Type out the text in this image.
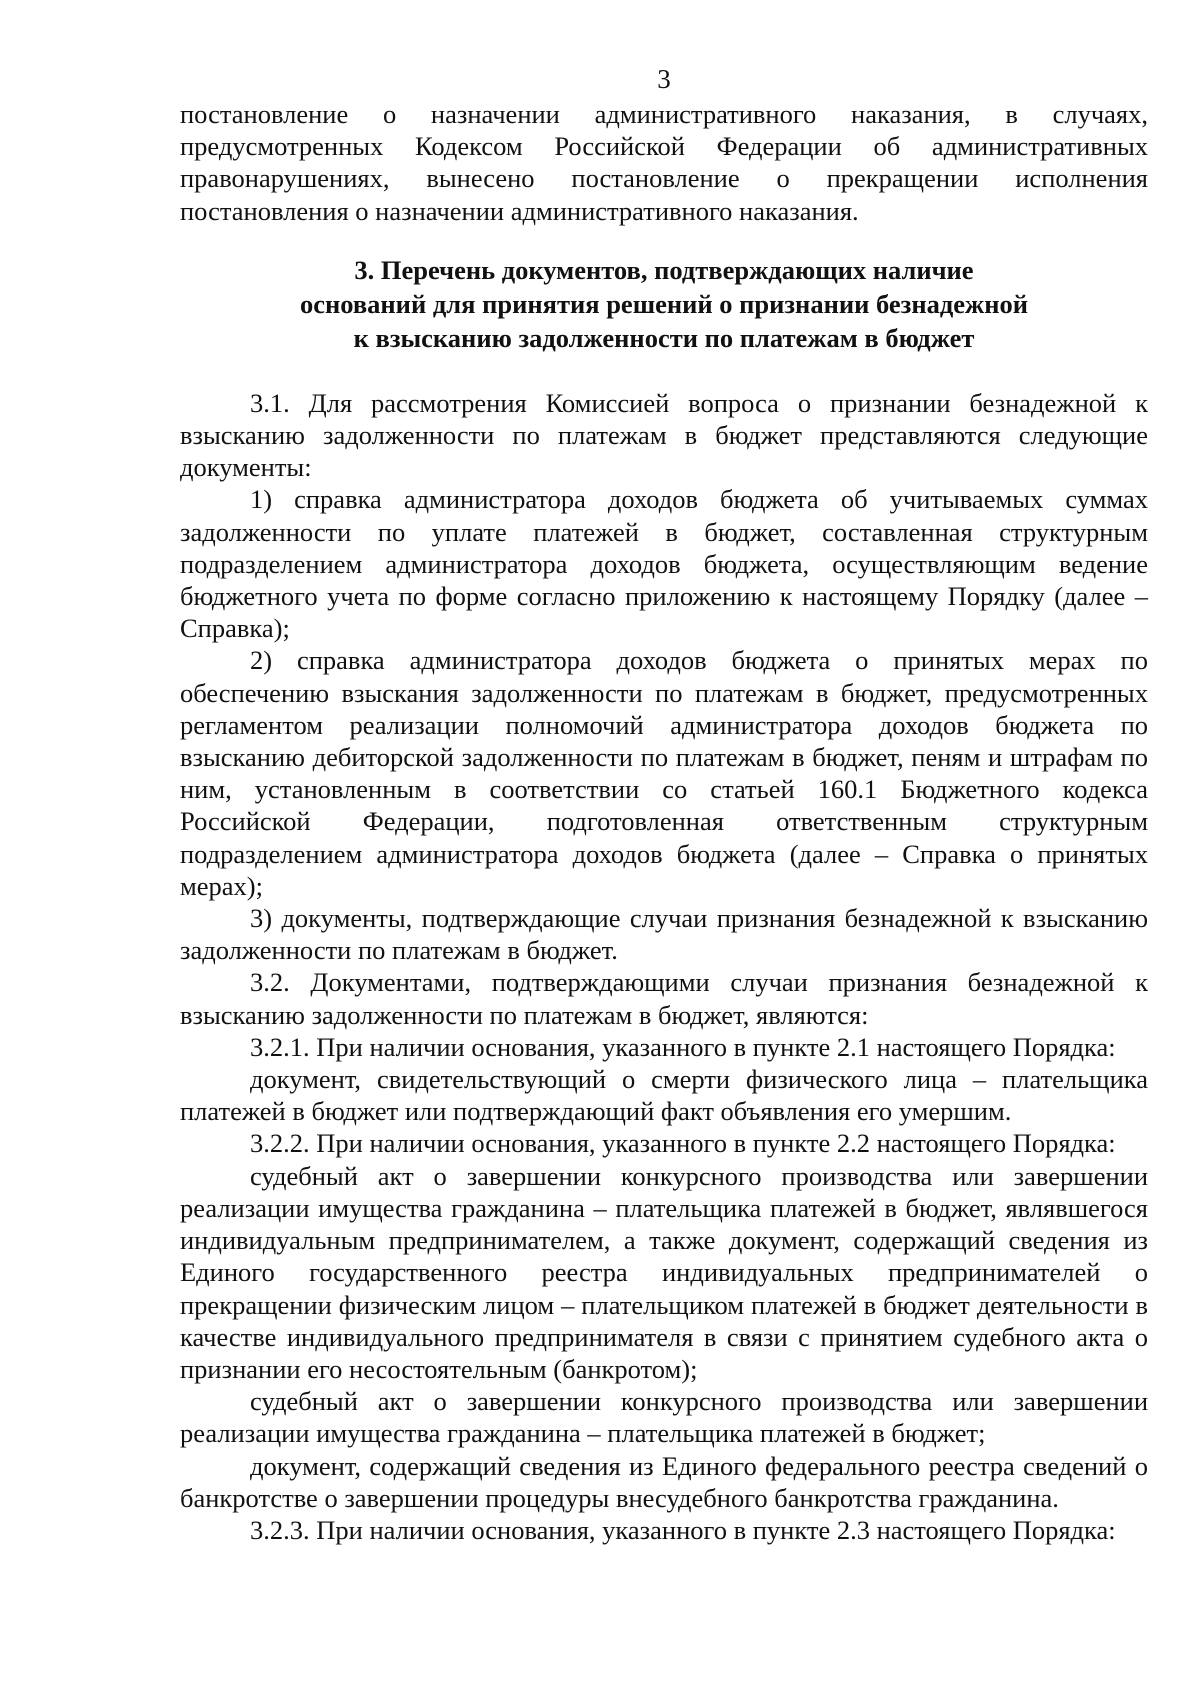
3

постановление о назначении административного наказания, в случаях, предусмотренных Кодексом Российской Федерации об административных правонарушениях, вынесено постановление о прекращении исполнения постановления о назначении административного наказания.

3. Перечень документов, подтверждающих наличие
оснований для принятия решений о признании безнадежной
к взысканию задолженности по платежам в бюджет

3.1. Для рассмотрения Комиссией вопроса о признании безнадежной к взысканию задолженности по платежам в бюджет представляются следующие документы:

1) справка администратора доходов бюджета об учитываемых суммах задолженности по уплате платежей в бюджет, составленная структурным подразделением администратора доходов бюджета, осуществляющим ведение бюджетного учета по форме согласно приложению к настоящему Порядку (далее – Справка);

2) справка администратора доходов бюджета о принятых мерах по обеспечению взыскания задолженности по платежам в бюджет, предусмотренных регламентом реализации полномочий администратора доходов бюджета по взысканию дебиторской задолженности по платежам в бюджет, пеням и штрафам по ним, установленным в соответствии со статьей 160.1 Бюджетного кодекса Российской Федерации, подготовленная ответственным структурным подразделением администратора доходов бюджета (далее – Справка о принятых мерах);

3) документы, подтверждающие случаи признания безнадежной к взысканию задолженности по платежам в бюджет.

3.2. Документами, подтверждающими случаи признания безнадежной к взысканию задолженности по платежам в бюджет, являются:

3.2.1. При наличии основания, указанного в пункте 2.1 настоящего Порядка:

документ, свидетельствующий о смерти физического лица – плательщика платежей в бюджет или подтверждающий факт объявления его умершим.

3.2.2. При наличии основания, указанного в пункте 2.2 настоящего Порядка:

судебный акт о завершении конкурсного производства или завершении реализации имущества гражданина – плательщика платежей в бюджет, являвшегося индивидуальным предпринимателем, а также документ, содержащий сведения из Единого государственного реестра индивидуальных предпринимателей о прекращении физическим лицом – плательщиком платежей в бюджет деятельности в качестве индивидуального предпринимателя в связи с принятием судебного акта о признании его несостоятельным (банкротом);

судебный акт о завершении конкурсного производства или завершении реализации имущества гражданина – плательщика платежей в бюджет;

документ, содержащий сведения из Единого федерального реестра сведений о банкротстве о завершении процедуры внесудебного банкротства гражданина.

3.2.3. При наличии основания, указанного в пункте 2.3 настоящего Порядка:
